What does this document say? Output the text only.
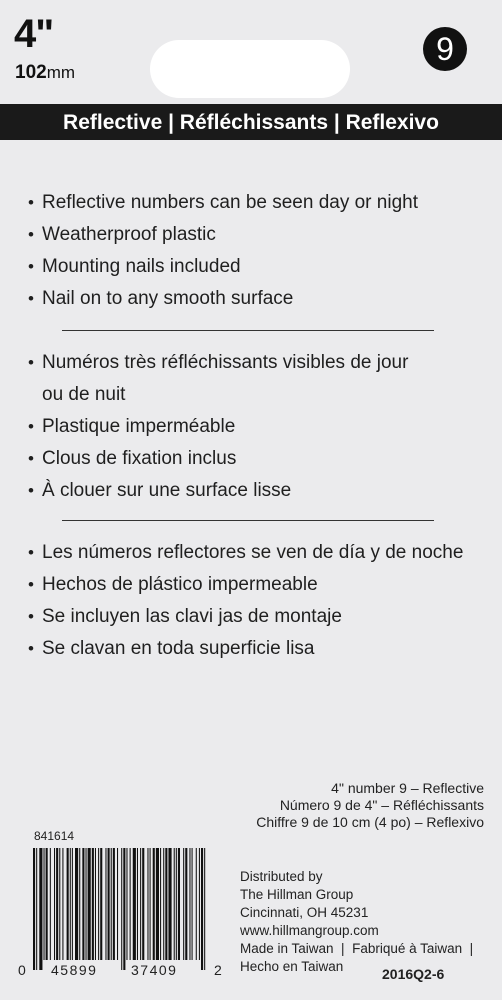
4"
102mm
9
Reflective | Réfléchissants | Reflexivo
• Reflective numbers can be seen day or night
• Weatherproof plastic
• Mounting nails included
• Nail on to any smooth surface
• Numéros très réfléchissants visibles de jour
ou de nuit
• Plastique imperméable
• Clous de fixation inclus
• À clouer sur une surface lisse
• Les números reflectores se ven de día y de noche
• Hechos de plástico impermeable
• Se incluyen las clavi jas de montaje
• Se clavan en toda superficie lisa
4" number 9 – Reflective
Número 9 de 4" – Réfléchissants
Chiffre 9 de 10 cm (4 po) – Reflexivo
841614
0 45899 37409	2
Distributed by
The Hillman Group
Cincinnati, OH 45231
www.hillmangroup.com
Made in Taiwan  |  Fabriqué à Taiwan  |
Hecho en Taiwan	2016Q2-6
